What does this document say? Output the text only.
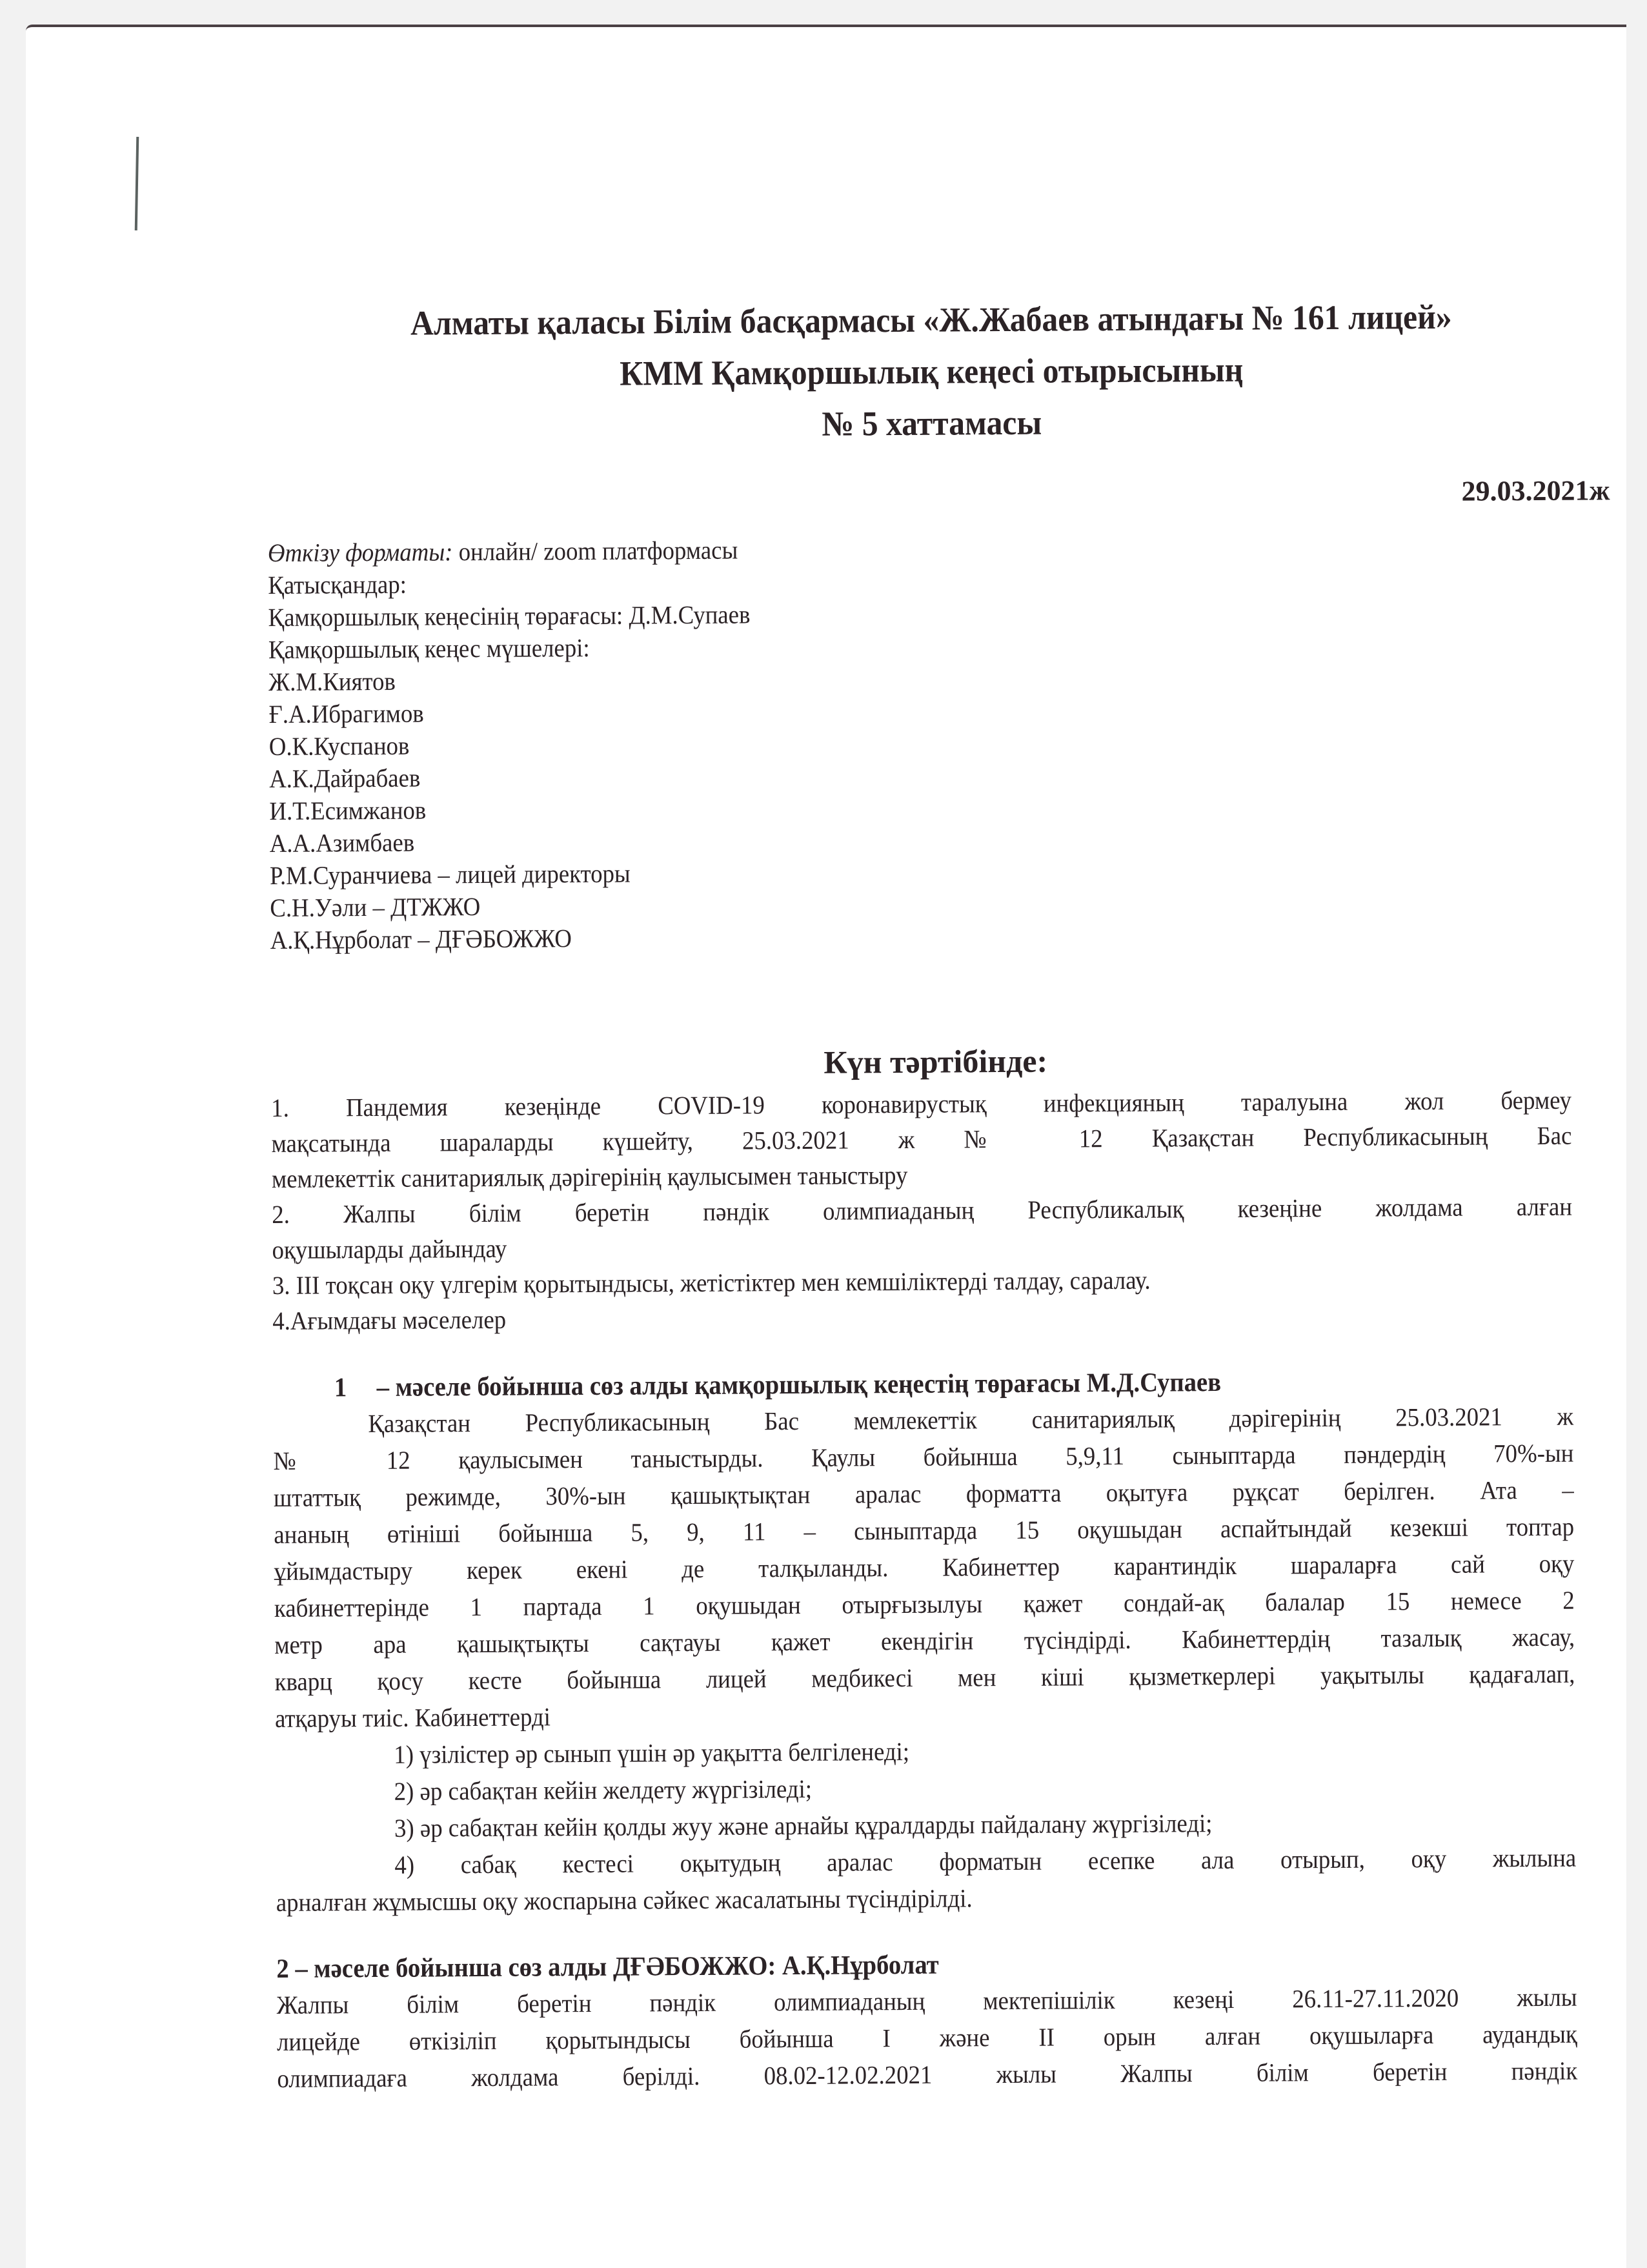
Алматы қаласы Білім басқармасы «Ж.Жабаев атындағы № 161 лицей»
КММ Қамқоршылық кеңесі отырысының
№ 5 хаттамасы
29.03.2021ж
Өткізу форматы: онлайн/ zoom платформасы
Қатысқандар:
Қамқоршылық кеңесінің төрағасы: Д.М.Супаев
Қамқоршылық кеңес мүшелері:
Ж.М.Киятов
Ғ.А.Ибрагимов
О.К.Куспанов
А.К.Дайрабаев
И.Т.Есимжанов
А.А.Азимбаев
Р.М.Суранчиева – лицей директоры
С.Н.Уәли – ДТЖЖО
А.Қ.Нұрболат – ДҒӘБОЖЖО
Күн тәртібінде:
1. Пандемия кезеңінде COVID-19 коронавирустық инфекцияның таралуына жол бермеу
мақсатында шараларды күшейту, 25.03.2021 ж № 12 Қазақстан Республикасының Бас
мемлекеттік санитариялық дәрігерінің қаулысымен таныстыру
2. Жалпы білім беретін пәндік олимпиаданың Республикалық кезеңіне жолдама алған
оқушыларды дайындау
3. ІІІ тоқсан оқу үлгерім қорытындысы, жетістіктер мен кемшіліктерді талдау, саралау.
4.Ағымдағы мәселелер
1 – мәселе бойынша сөз алды қамқоршылық кеңестің төрағасы М.Д.Супаев
Қазақстан Республикасының Бас мемлекеттік санитариялық дәрігерінің 25.03.2021 ж
№ 12 қаулысымен таныстырды. Қаулы бойынша 5,9,11 сыныптарда пәндердің 70%-ын
штаттық режимде, 30%-ын қашықтықтан аралас форматта оқытуға рұқсат берілген. Ата –
ананың өтініші бойынша 5, 9, 11 – сыныптарда 15 оқушыдан аспайтындай кезекші топтар
ұйымдастыру керек екені де талқыланды. Кабинеттер карантиндік шараларға сай оқу
кабинеттерінде 1 партада 1 оқушыдан отырғызылуы қажет сондай-ақ балалар 15 немесе 2
метр ара қашықтықты сақтауы қажет екендігін түсіндірді. Кабинеттердің тазалық жасау,
кварц қосу кесте бойынша лицей медбикесі мен кіші қызметкерлері уақытылы қадағалап,
атқаруы тиіс. Кабинеттерді
1) үзілістер әр сынып үшін әр уақытта белгіленеді;
2) әр сабақтан кейін желдету жүргізіледі;
3) әр сабақтан кейін қолды жуу және арнайы құралдарды пайдалану жүргізіледі;
4) сабақ кестесі оқытудың аралас форматын есепке ала отырып, оқу жылына
арналған жұмысшы оқу жоспарына сәйкес жасалатыны түсіндірілді.
2 – мәселе бойынша сөз алды ДҒӘБОЖЖО: А.Қ.Нұрболат
Жалпы білім беретін пәндік олимпиаданың мектепішілік кезеңі 26.11-27.11.2020 жылы
лицейде өткізіліп қорытындысы бойынша І және ІІ орын алған оқушыларға аудандық
олимпиадаға жолдама берілді. 08.02-12.02.2021 жылы Жалпы білім беретін пәндік
